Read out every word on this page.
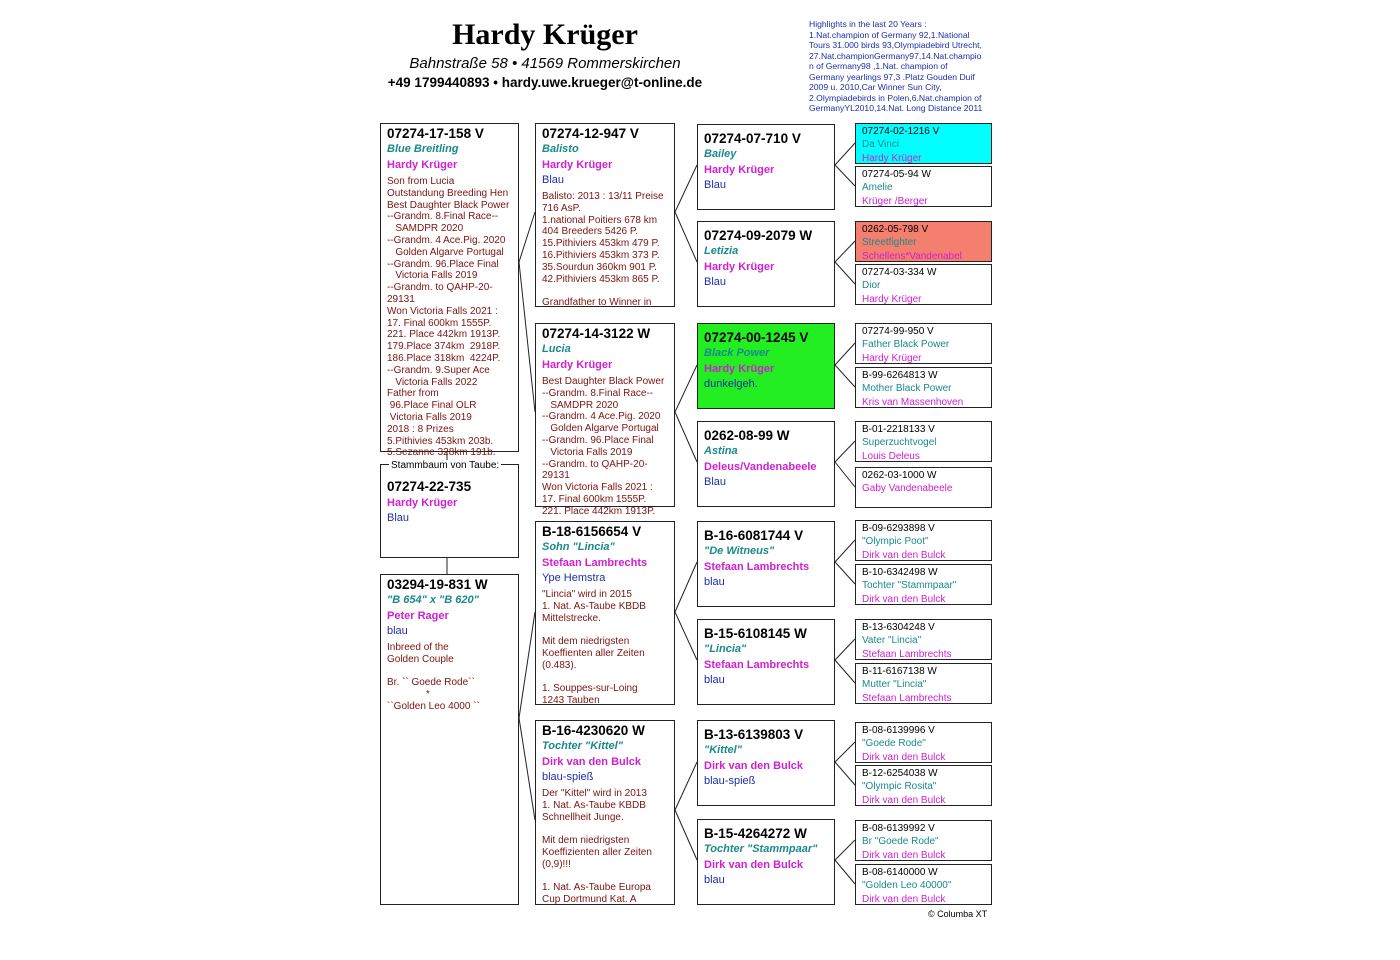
Hardy Krüger
Bahnstraße 58 • 41569 Rommerskirchen
+49 1799440893 • hardy.uwe.krueger@t-online.de
Highlights in the last 20 Years :
1.Nat.champion of Germany 92,1.National
Tours 31.000 birds 93,Olympiadebird Utrecht,
27.Nat.championGermany97,14.Nat.champio
n of Germany98 ,1.Nat. champion of
Germany yearlings 97,3 .Platz Gouden Duif
2009 u. 2010,Car Winner Sun City,
2.Olympiadebirds in Polen,6.Nat.champion of
GermanyYL2010,14.Nat. Long Distance 2011
07274-17-158 V
Blue Breitling
Hardy Krüger
Son from Lucia
Outstandung Breeding Hen
Best Daughter Black Power
--Grandm. 8.Final Race--
SAMDPR 2020
--Grandm. 4 Ace.Pig. 2020
Golden Algarve Portugal
--Grandm. 96.Place Final
Victoria Falls 2019
--Grandm. to QAHP-20-
29131
Won Victoria Falls 2021 :
17. Final 600km 1555P.
221. Place 442km 1913P.
179.Place 374km  2918P.
186.Place 318km  4224P.
--Grandm. 9.Super Ace
Victoria Falls 2022
Father from
96.Place Final OLR
Victoria Falls 2019
2018 : 8 Prizes
5.Pithivies 453km 203b.
5.Sezanne 328km 191b.
Stammbaum von Taube:
07274-22-735
Hardy Krüger
Blau
03294-19-831 W
"B 654" x "B 620"
Peter Rager
blau
Inbreed of the
Golden Couple

Br. `` Goede Rode``
*
``Golden Leo 4000 ``
07274-12-947 V
Balisto
Hardy Krüger
Blau
Balisto: 2013 : 13/11 Preise
716 AsP.
1.national Poitiers 678 km
404 Breeders 5426 P.
15.Pithiviers 453km 479 P.
16.Pithiviers 453km 373 P.
35.Sourdun 360km 901 P.
42.Pithiviers 453km 865 P.

Grandfather to Winner in
07274-14-3122 W
Lucia
Hardy Krüger
Best Daughter Black Power
--Grandm. 8.Final Race--
SAMDPR 2020
--Grandm. 4 Ace.Pig. 2020
Golden Algarve Portugal
--Grandm. 96.Place Final
Victoria Falls 2019
--Grandm. to QAHP-20-
29131
Won Victoria Falls 2021 :
17. Final 600km 1555P.
221. Place 442km 1913P.
B-18-6156654 V
Sohn "Lincia"
Stefaan Lambrechts
Ype Hemstra
"Lincia" wird in 2015
1. Nat. As-Taube KBDB
Mittelstrecke.

Mit dem niedrigsten
Koeffienten aller Zeiten
(0.483).

1. Souppes-sur-Loing
1243 Tauben
B-16-4230620 W
Tochter "Kittel"
Dirk van den Bulck
blau-spieß
Der "Kittel" wird in 2013
1. Nat. As-Taube KBDB
Schnellheit Junge.

Mit dem niedrigsten
Koeffizienten aller Zeiten
(0,9)!!!

1. Nat. As-Taube Europa
Cup Dortmund Kat. A
07274-07-710 V
Bailey
Hardy Krüger
Blau
07274-09-2079 W
Letizia
Hardy Krüger
Blau
07274-00-1245 V
Black Power
Hardy Krüger
dunkelgeh.
0262-08-99 W
Astina
Deleus/Vandenabeele
Blau
B-16-6081744 V
"De Witneus"
Stefaan Lambrechts
blau
B-15-6108145 W
"Lincia"
Stefaan Lambrechts
blau
B-13-6139803 V
"Kittel"
Dirk van den Bulck
blau-spieß
B-15-4264272 W
Tochter "Stammpaar"
Dirk van den Bulck
blau
07274-02-1216 V
Da Vinci
Hardy Krüger
07274-05-94 W
Amelie
Krüger /Berger
0262-05-798 V
Streetfighter
Schellens*Vandenabel
07274-03-334 W
Dior
Hardy Krüger
07274-99-950 V
Father Black Power
Hardy Krüger
B-99-6264813 W
Mother Black Power
Kris van Massenhoven
B-01-2218133 V
Superzuchtvogel
Louis Deleus
0262-03-1000 W
Gaby Vandenabeele
B-09-6293898 V
"Olympic Poot"
Dirk van den Bulck
B-10-6342498 W
Tochter "Stammpaar"
Dirk van den Bulck
B-13-6304248 V
Vater "Lincia"
Stefaan Lambrechts
B-11-6167138 W
Mutter "Lincia"
Stefaan Lambrechts
B-08-6139996 V
"Goede Rode"
Dirk van den Bulck
B-12-6254038 W
"Olympic Rosita"
Dirk van den Bulck
B-08-6139992 V
Br "Goede Rode"
Dirk van den Bulck
B-08-6140000 W
"Golden Leo 40000"
Dirk van den Bulck
© Columba XT
